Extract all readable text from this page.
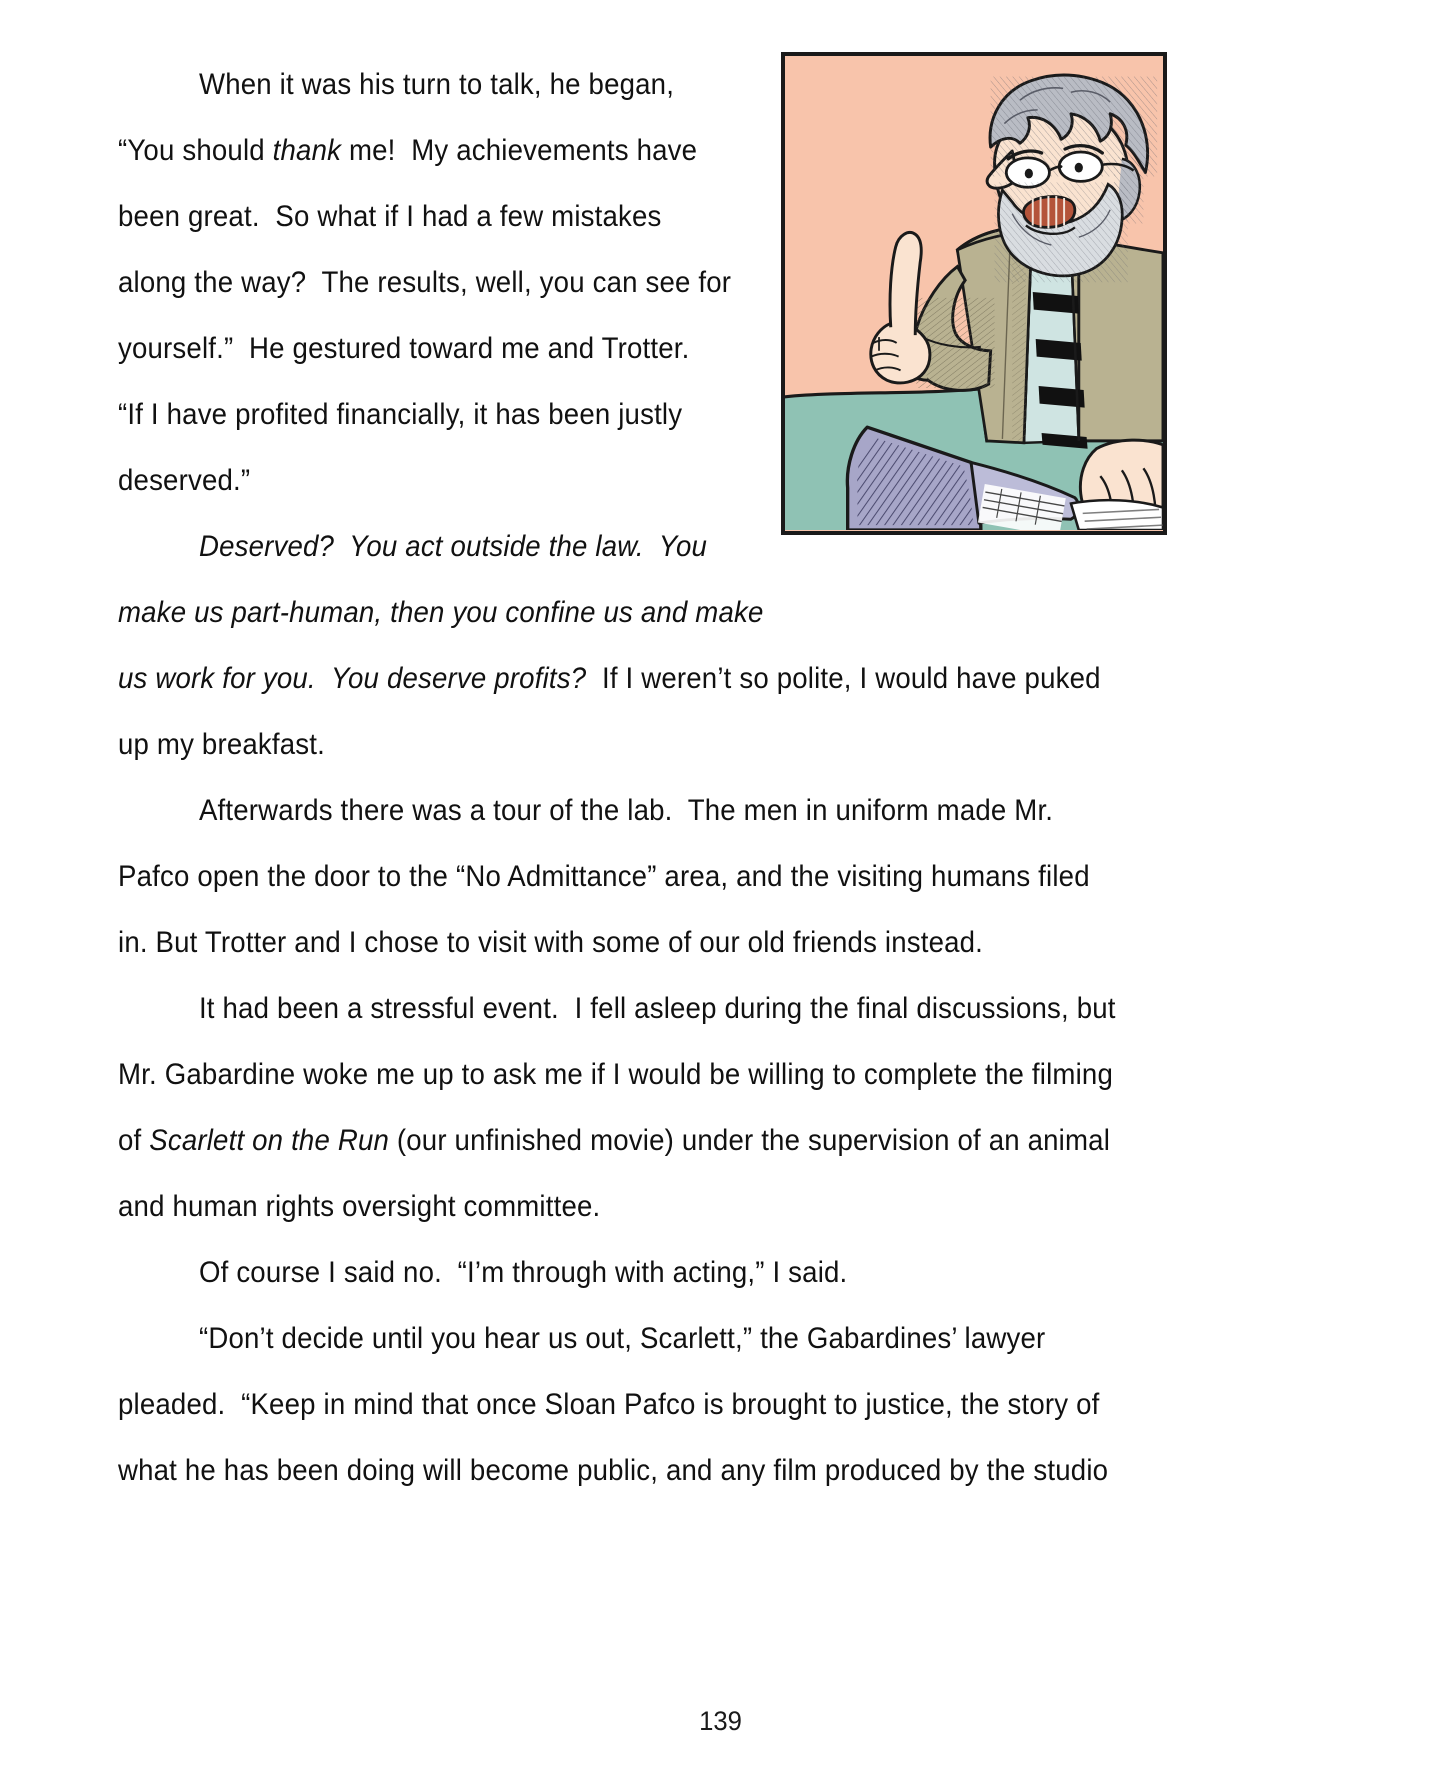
When it was his turn to talk, he began,
“You should thank me!  My achievements have
been great.  So what if I had a few mistakes
along the way?  The results, well, you can see for
yourself.”  He gestured toward me and Trotter.
“If I have profited financially, it has been justly
deserved.”
Deserved?  You act outside the law.  You
make us part-human, then you confine us and make
us work for you.  You deserve profits?  If I weren’t so polite, I would have puked
up my breakfast.
Afterwards there was a tour of the lab.  The men in uniform made Mr.
Pafco open the door to the “No Admittance” area, and the visiting humans filed
in. But Trotter and I chose to visit with some of our old friends instead.
It had been a stressful event.  I fell asleep during the final discussions, but
Mr. Gabardine woke me up to ask me if I would be willing to complete the filming
of Scarlett on the Run (our unfinished movie) under the supervision of an animal
and human rights oversight committee.
Of course I said no.  “I’m through with acting,” I said.
“Don’t decide until you hear us out, Scarlett,” the Gabardines’ lawyer
pleaded.  “Keep in mind that once Sloan Pafco is brought to justice, the story of
what he has been doing will become public, and any film produced by the studio
139
